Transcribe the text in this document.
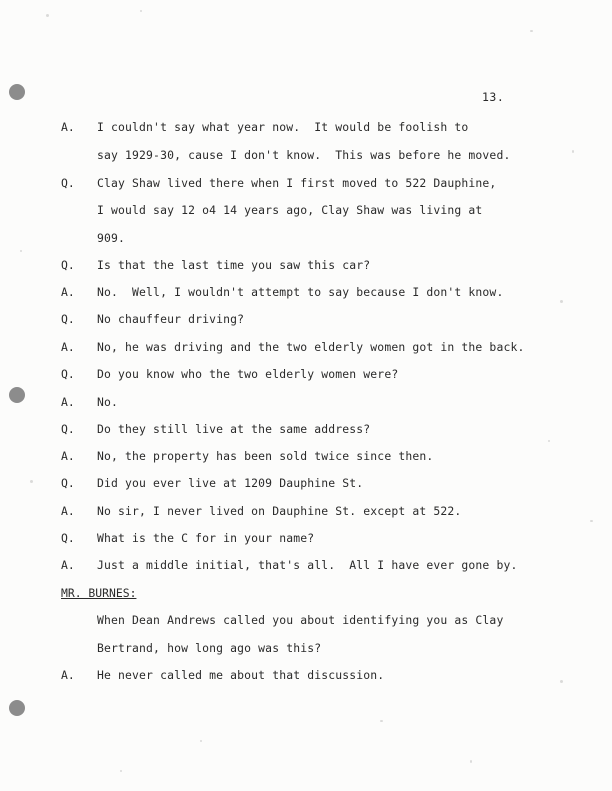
13.
A. I couldn't say what year now.  It would be foolish to
say 1929-30, cause I don't know.  This was before he moved.
Q. Clay Shaw lived there when I first moved to 522 Dauphine,
I would say 12 o4 14 years ago, Clay Shaw was living at
909.
Q. Is that the last time you saw this car?
A. No.  Well, I wouldn't attempt to say because I don't know.
Q. No chauffeur driving?
A. No, he was driving and the two elderly women got in the back.
Q. Do you know who the two elderly women were?
A. No.
Q. Do they still live at the same address?
A. No, the property has been sold twice since then.
Q. Did you ever live at 1209 Dauphine St.
A. No sir, I never lived on Dauphine St. except at 522.
Q. What is the C for in your name?
A. Just a middle initial, that's all.  All I have ever gone by.
MR. BURNES:
When Dean Andrews called you about identifying you as Clay
Bertrand, how long ago was this?
A. He never called me about that discussion.
